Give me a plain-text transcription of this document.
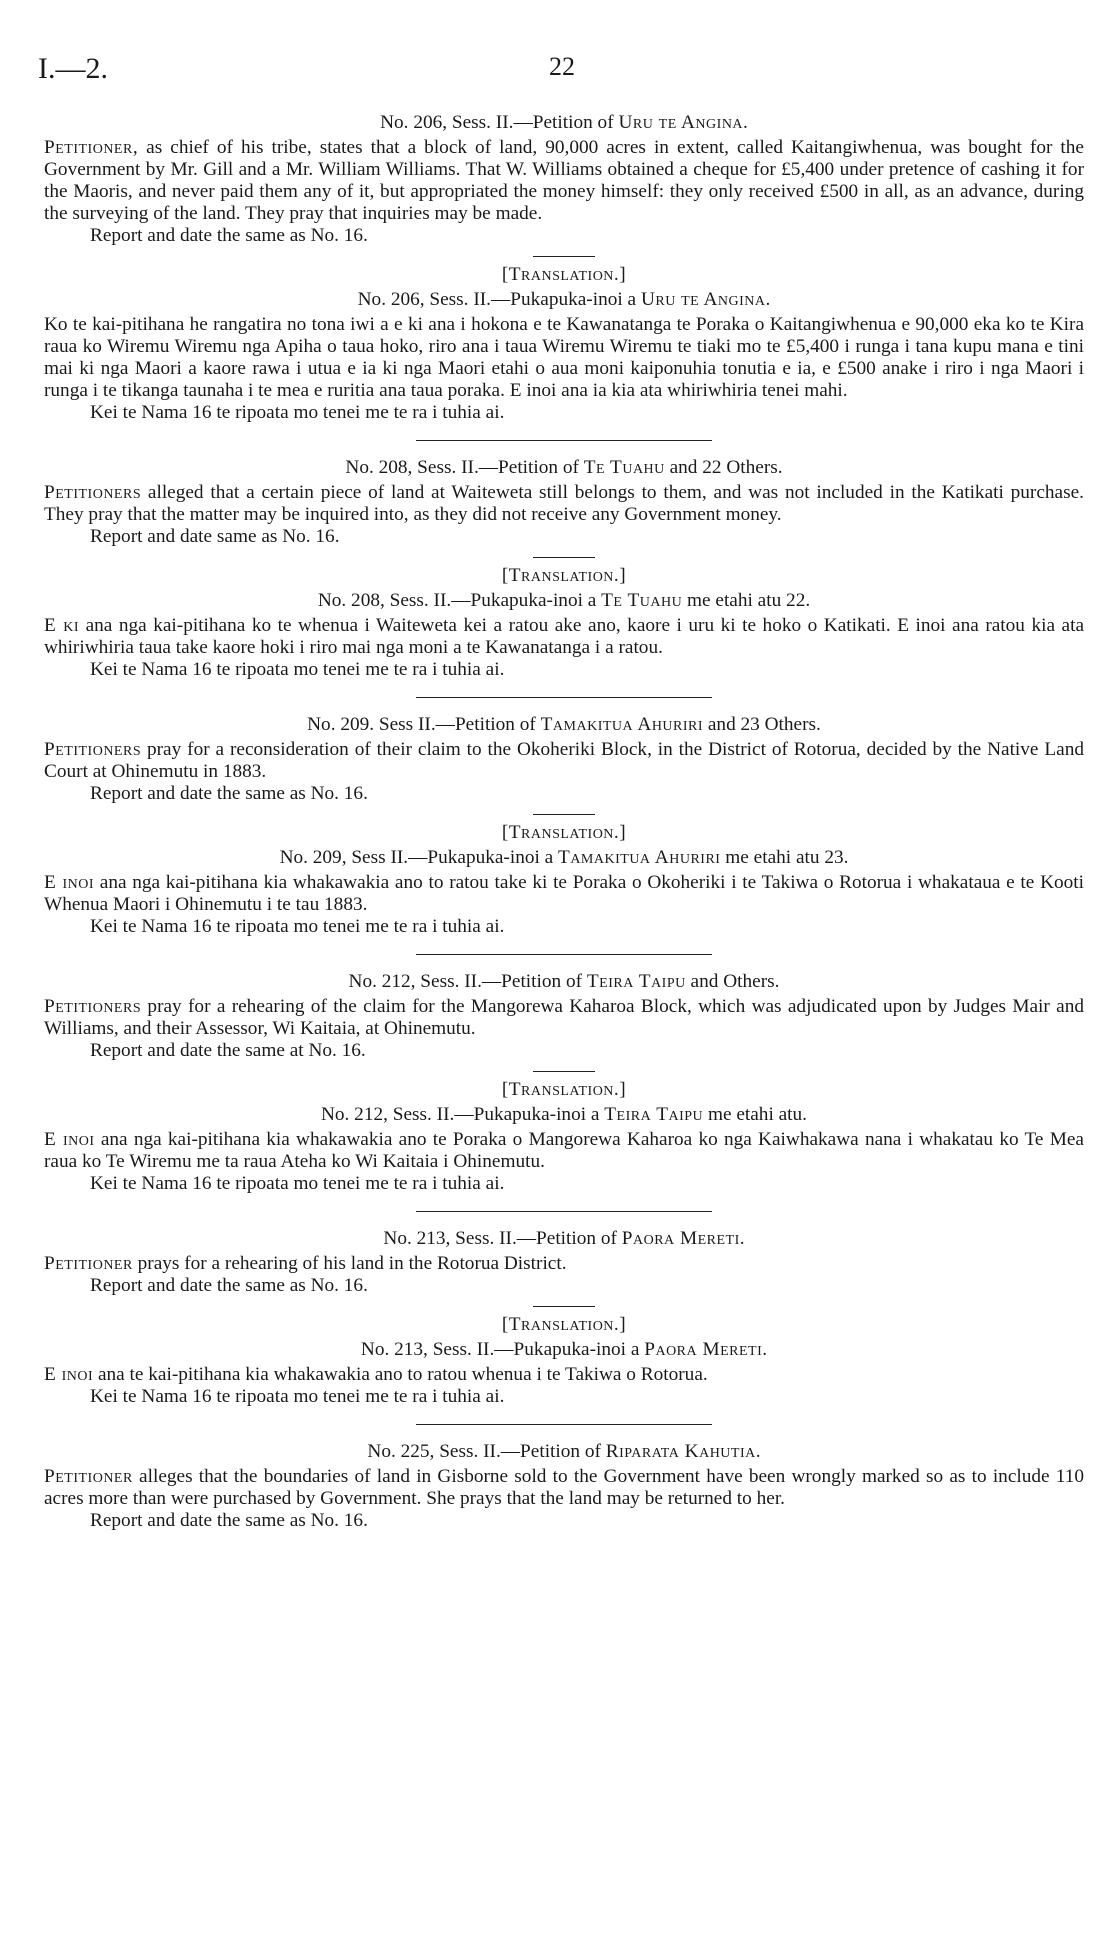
I.—2.	22

No. 206, Sess. II.—Petition of Uru te Angina.

Petitioner, as chief of his tribe, states that a block of land, 90,000 acres in extent, called Kaitangiwhenua, was bought for the Government by Mr. Gill and a Mr. William Williams. That W. Williams obtained a cheque for £5,400 under pretence of cashing it for the Maoris, and never paid them any of it, but appropriated the money himself: they only received £500 in all, as an advance, during the surveying of the land. They pray that inquiries may be made.

Report and date the same as No. 16.

[Translation.]

No. 206, Sess. II.—Pukapuka-inoi a Uru te Angina.

Ko te kai-pitihana he rangatira no tona iwi a e ki ana i hokona e te Kawanatanga te Poraka o Kaitangiwhenua e 90,000 eka ko te Kira raua ko Wiremu Wiremu nga Apiha o taua hoko, riro ana i taua Wiremu Wiremu te tiaki mo te £5,400 i runga i tana kupu mana e tini mai ki nga Maori a kaore rawa i utua e ia ki nga Maori etahi o aua moni kaiponuhia tonutia e ia, e £500 anake i riro i nga Maori i runga i te tikanga taunaha i te mea e ruritia ana taua poraka. E inoi ana ia kia ata whiriwhiria tenei mahi.

Kei te Nama 16 te ripoata mo tenei me te ra i tuhia ai.

No. 208, Sess. II.—Petition of Te Tuahu and 22 Others.

Petitioners alleged that a certain piece of land at Waiteweta still belongs to them, and was not included in the Katikati purchase. They pray that the matter may be inquired into, as they did not receive any Government money.

Report and date same as No. 16.

[Translation.]

No. 208, Sess. II.—Pukapuka-inoi a Te Tuahu me etahi atu 22.

E ki ana nga kai-pitihana ko te whenua i Waiteweta kei a ratou ake ano, kaore i uru ki te hoko o Katikati. E inoi ana ratou kia ata whiriwhiria taua take kaore hoki i riro mai nga moni a te Kawanatanga i a ratou.

Kei te Nama 16 te ripoata mo tenei me te ra i tuhia ai.

No. 209. Sess II.—Petition of Tamakitua Ahuriri and 23 Others.

Petitioners pray for a reconsideration of their claim to the Okoheriki Block, in the District of Rotorua, decided by the Native Land Court at Ohinemutu in 1883.

Report and date the same as No. 16.

[Translation.]

No. 209, Sess II.—Pukapuka-inoi a Tamakitua Ahuriri me etahi atu 23.

E inoi ana nga kai-pitihana kia whakawakia ano to ratou take ki te Poraka o Okoheriki i te Takiwa o Rotorua i whakataua e te Kooti Whenua Maori i Ohinemutu i te tau 1883.

Kei te Nama 16 te ripoata mo tenei me te ra i tuhia ai.

No. 212, Sess. II.—Petition of Teira Taipu and Others.

Petitioners pray for a rehearing of the claim for the Mangorewa Kaharoa Block, which was adjudicated upon by Judges Mair and Williams, and their Assessor, Wi Kaitaia, at Ohinemutu.

Report and date the same at No. 16.

[Translation.]

No. 212, Sess. II.—Pukapuka-inoi a Teira Taipu me etahi atu.

E inoi ana nga kai-pitihana kia whakawakia ano te Poraka o Mangorewa Kaharoa ko nga Kaiwhakawa nana i whakatau ko Te Mea raua ko Te Wiremu me ta raua Ateha ko Wi Kaitaia i Ohinemutu.

Kei te Nama 16 te ripoata mo tenei me te ra i tuhia ai.

No. 213, Sess. II.—Petition of Paora Mereti.

Petitioner prays for a rehearing of his land in the Rotorua District.

Report and date the same as No. 16.

[Translation.]

No. 213, Sess. II.—Pukapuka-inoi a Paora Mereti.

E inoi ana te kai-pitihana kia whakawakia ano to ratou whenua i te Takiwa o Rotorua.

Kei te Nama 16 te ripoata mo tenei me te ra i tuhia ai.

No. 225, Sess. II.—Petition of Riparata Kahutia.

Petitioner alleges that the boundaries of land in Gisborne sold to the Government have been wrongly marked so as to include 110 acres more than were purchased by Government. She prays that the land may be returned to her.

Report and date the same as No. 16.
